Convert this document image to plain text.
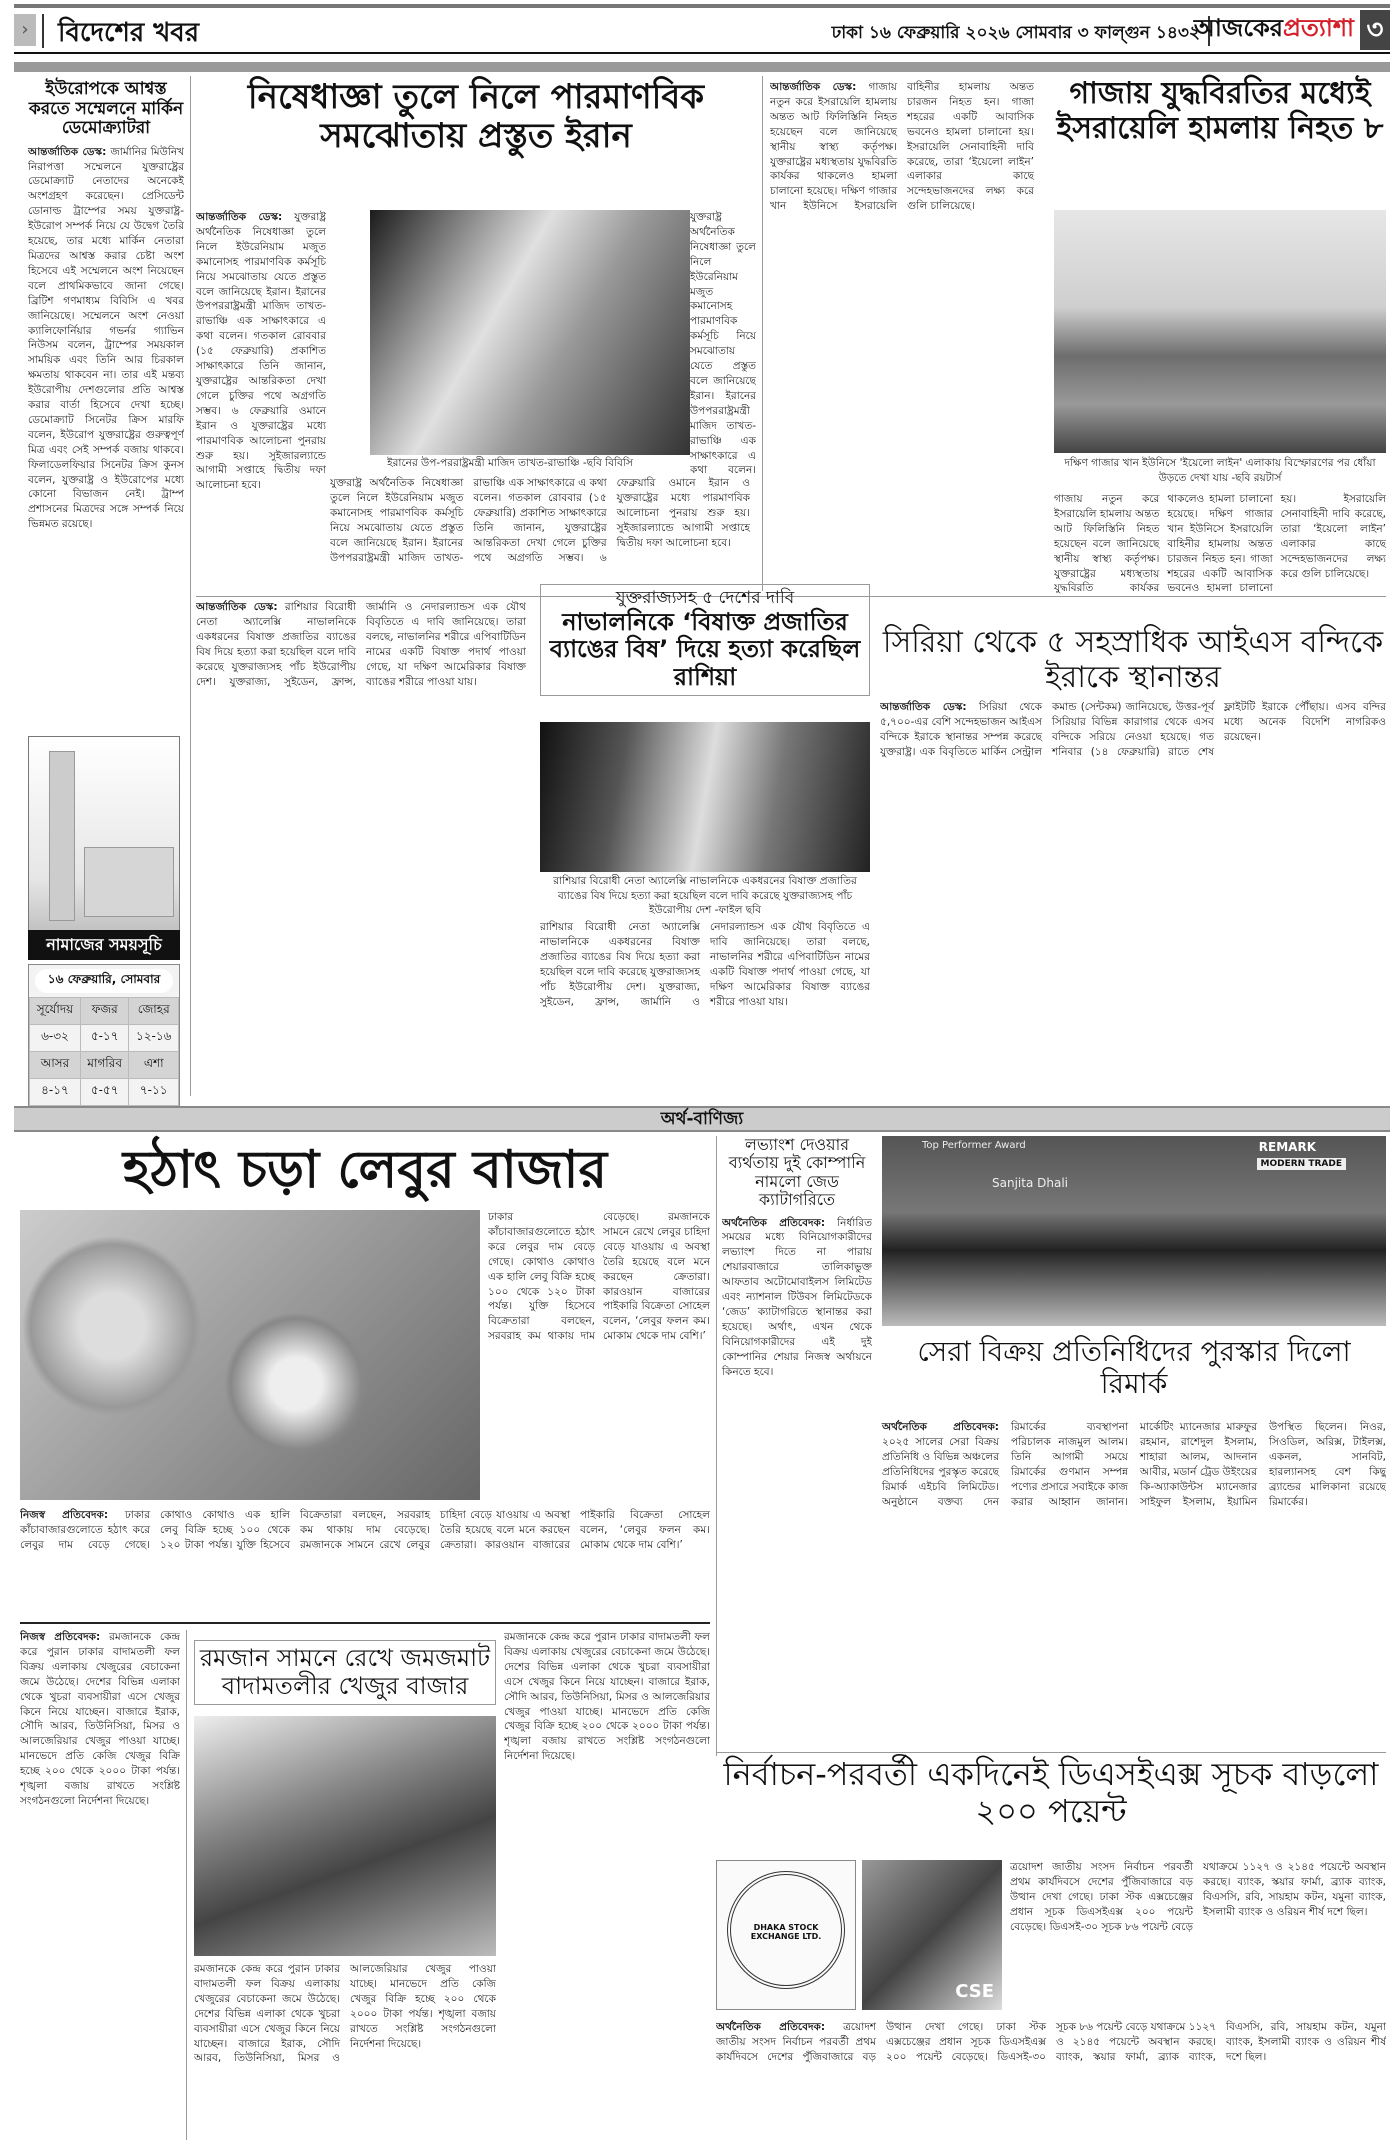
› বিদেশের খবর	ঢাকা ১৬ ফেব্রুয়ারি ২০২৬ সোমবার ৩ ফাল্গুন ১৪৩২
আজকেরপ্রত্যাশা ৩
ইউরোপকে আশ্বস্ত করতে সম্মেলনে মার্কিন ডেমোক্র্যাটরা
আন্তর্জাতিক ডেস্ক: জার্মানির মিউনিখ নিরাপত্তা সম্মেলনে যুক্তরাষ্ট্রের ডেমোক্র্যাট নেতাদের অনেকেই অংশগ্রহণ করেছেন। প্রেসিডেন্ট ডোনাল্ড ট্রাম্পের সময় যুক্তরাষ্ট্র-ইউরোপ সম্পর্ক নিয়ে যে উদ্বেগ তৈরি হয়েছে, তার মধ্যে মার্কিন নেতারা মিত্রদের আশ্বস্ত করার চেষ্টা অংশ হিসেবে এই সম্মেলনে অংশ নিয়েছেন বলে প্রাথমিকভাবে জানা গেছে। ব্রিটিশ গণমাধ্যম বিবিসি এ খবর জানিয়েছে। সম্মেলনে অংশ নেওয়া ক্যালিফোর্নিয়ার গভর্নর গ্যাভিন নিউসম বলেন, ট্রাম্পের সময়কাল সাময়িক এবং তিনি আর চিরকাল ক্ষমতায় থাকবেন না। তার এই মন্তব্য ইউরোপীয় দেশগুলোর প্রতি আশ্বস্ত করার বার্তা হিসেবে দেখা হচ্ছে। ডেমোক্র্যাট সিনেটর ক্রিস মারফি বলেন, ইউরোপ যুক্তরাষ্ট্রের গুরুত্বপূর্ণ মিত্র এবং সেই সম্পর্ক বজায় থাকবে। ফিলাডেলফিয়ার সিনেটর ক্রিস কুনস বলেন, যুক্তরাষ্ট্র ও ইউরোপের মধ্যে কোনো বিভাজন নেই। ট্রাম্প প্রশাসনের মিত্রদের সঙ্গে সম্পর্ক নিয়ে ভিন্নমত রয়েছে।
নামাজের সময়সূচি
১৬ ফেব্রুয়ারি, সোমবার
সূর্যোদয়	ফজর	জোহর
৬-৩২	৫-১৭	১২-১৬
আসর	মাগরিব	এশা
৪-১৭	৫-৫৭	৭-১১
নিষেধাজ্ঞা তুলে নিলে পারমাণবিক সমঝোতায় প্রস্তুত ইরান
আন্তর্জাতিক ডেস্ক: যুক্তরাষ্ট্র অর্থনৈতিক নিষেধাজ্ঞা তুলে নিলে ইউরেনিয়াম মজুত কমানোসহ পারমাণবিক কর্মসূচি নিয়ে সমঝোতায় যেতে প্রস্তুত বলে জানিয়েছে ইরান। ইরানের উপপররাষ্ট্রমন্ত্রী মাজিদ তাখত-রাভাঞ্চি এক সাক্ষাৎকারে এ কথা বলেন। গতকাল রোববার (১৫ ফেব্রুয়ারি) প্রকাশিত সাক্ষাৎকারে তিনি জানান, যুক্তরাষ্ট্রের আন্তরিকতা দেখা গেলে চুক্তির পথে অগ্রগতি সম্ভব। ৬ ফেব্রুয়ারি ওমানে ইরান ও যুক্তরাষ্ট্রের মধ্যে পারমাণবিক আলোচনা পুনরায় শুরু হয়। সুইজারল্যান্ডে আগামী সপ্তাহে দ্বিতীয় দফা আলোচনা হবে।
ইরানের উপ-পররাষ্ট্রমন্ত্রী মাজিদ তাখত-রাভাঞ্চি -ছবি বিবিসি
যুক্তরাষ্ট্র অর্থনৈতিক নিষেধাজ্ঞা তুলে নিলে ইউরেনিয়াম মজুত কমানোসহ পারমাণবিক কর্মসূচি নিয়ে সমঝোতায় যেতে প্রস্তুত বলে জানিয়েছে ইরান। ইরানের উপপররাষ্ট্রমন্ত্রী মাজিদ তাখত-রাভাঞ্চি এক সাক্ষাৎকারে এ কথা বলেন। গতকাল রোববার (১৫ ফেব্রুয়ারি) প্রকাশিত সাক্ষাৎকারে তিনি জানান, যুক্তরাষ্ট্রের আন্তরিকতা দেখা গেলে চুক্তির পথে অগ্রগতি সম্ভব। ৬ ফেব্রুয়ারি ওমানে ইরান ও যুক্তরাষ্ট্রের মধ্যে পারমাণবিক আলোচনা পুনরায় শুরু হয়। সুইজারল্যান্ডে আগামী সপ্তাহে দ্বিতীয় দফা আলোচনা হবে।
যুক্তরাষ্ট্র অর্থনৈতিক নিষেধাজ্ঞা তুলে নিলে ইউরেনিয়াম মজুত কমানোসহ পারমাণবিক কর্মসূচি নিয়ে সমঝোতায় যেতে প্রস্তুত বলে জানিয়েছে ইরান। ইরানের উপপররাষ্ট্রমন্ত্রী মাজিদ তাখত-রাভাঞ্চি এক সাক্ষাৎকারে এ কথা বলেন।
আন্তর্জাতিক ডেস্ক: গাজায় নতুন করে ইসরায়েলি হামলায় অন্তত আট ফিলিস্তিনি নিহত হয়েছেন বলে জানিয়েছে স্থানীয় স্বাস্থ্য কর্তৃপক্ষ। যুক্তরাষ্ট্রের মধ্যস্থতায় যুদ্ধবিরতি কার্যকর থাকলেও হামলা চালানো হয়েছে। দক্ষিণ গাজার খান ইউনিসে ইসরায়েলি বাহিনীর হামলায় অন্তত চারজন নিহত হন। গাজা শহরের একটি আবাসিক ভবনেও হামলা চালানো হয়। ইসরায়েলি সেনাবাহিনী দাবি করেছে, তারা ‘ইয়েলো লাইন’ এলাকার কাছে সন্দেহভাজনদের লক্ষ্য করে গুলি চালিয়েছে।
গাজায় যুদ্ধবিরতির মধ্যেই ইসরায়েলি হামলায় নিহত ৮
দক্ষিণ গাজার খান ইউনিসে 'ইয়েলো লাইন' এলাকায় বিস্ফোরণের পর ধোঁয়া উড়তে দেখা যায় -ছবি রয়টার্স
গাজায় নতুন করে ইসরায়েলি হামলায় অন্তত আট ফিলিস্তিনি নিহত হয়েছেন বলে জানিয়েছে স্থানীয় স্বাস্থ্য কর্তৃপক্ষ। যুক্তরাষ্ট্রের মধ্যস্থতায় যুদ্ধবিরতি কার্যকর থাকলেও হামলা চালানো হয়েছে। দক্ষিণ গাজার খান ইউনিসে ইসরায়েলি বাহিনীর হামলায় অন্তত চারজন নিহত হন। গাজা শহরের একটি আবাসিক ভবনেও হামলা চালানো হয়। ইসরায়েলি সেনাবাহিনী দাবি করেছে, তারা ‘ইয়েলো লাইন’ এলাকার কাছে সন্দেহভাজনদের লক্ষ্য করে গুলি চালিয়েছে।
আন্তর্জাতিক ডেস্ক: রাশিয়ার বিরোধী নেতা অ্যালেক্সি নাভালনিকে একধরনের বিষাক্ত প্রজাতির ব্যাঙের বিষ দিয়ে হত্যা করা হয়েছিল বলে দাবি করেছে যুক্তরাজ্যসহ পাঁচ ইউরোপীয় দেশ। যুক্তরাজ্য, সুইডেন, ফ্রান্স, জার্মানি ও নেদারল্যান্ডস এক যৌথ বিবৃতিতে এ দাবি জানিয়েছে। তারা বলছে, নাভালনির শরীরে এপিবাটিডিন নামের একটি বিষাক্ত পদার্থ পাওয়া গেছে, যা দক্ষিণ আমেরিকার বিষাক্ত ব্যাঙের শরীরে পাওয়া যায়।
যুক্তরাজ্যসহ ৫ দেশের দাবি
নাভালনিকে ‘বিষাক্ত প্রজাতির ব্যাঙের বিষ’ দিয়ে হত্যা করেছিল রাশিয়া
রাশিয়ার বিরোধী নেতা অ্যালেক্সি নাভালনিকে একধরনের বিষাক্ত প্রজাতির ব্যাঙের বিষ দিয়ে হত্যা করা হয়েছিল বলে দাবি করেছে যুক্তরাজ্যসহ পাঁচ ইউরোপীয় দেশ -ফাইল ছবি
রাশিয়ার বিরোধী নেতা অ্যালেক্সি নাভালনিকে একধরনের বিষাক্ত প্রজাতির ব্যাঙের বিষ দিয়ে হত্যা করা হয়েছিল বলে দাবি করেছে যুক্তরাজ্যসহ পাঁচ ইউরোপীয় দেশ। যুক্তরাজ্য, সুইডেন, ফ্রান্স, জার্মানি ও নেদারল্যান্ডস এক যৌথ বিবৃতিতে এ দাবি জানিয়েছে। তারা বলছে, নাভালনির শরীরে এপিবাটিডিন নামের একটি বিষাক্ত পদার্থ পাওয়া গেছে, যা দক্ষিণ আমেরিকার বিষাক্ত ব্যাঙের শরীরে পাওয়া যায়।
সিরিয়া থেকে ৫ সহস্রাধিক আইএস বন্দিকে ইরাকে স্থানান্তর
আন্তর্জাতিক ডেস্ক: সিরিয়া থেকে ৫,৭০০-এর বেশি সন্দেহভাজন আইএস বন্দিকে ইরাকে স্থানান্তর সম্পন্ন করেছে যুক্তরাষ্ট্র। এক বিবৃতিতে মার্কিন সেন্ট্রাল কমান্ড (সেন্টকম) জানিয়েছে, উত্তর-পূর্ব সিরিয়ার বিভিন্ন কারাগার থেকে এসব বন্দিকে সরিয়ে নেওয়া হয়েছে। গত শনিবার (১৪ ফেব্রুয়ারি) রাতে শেষ ফ্লাইটটি ইরাকে পৌঁছায়। এসব বন্দির মধ্যে অনেক বিদেশি নাগরিকও রয়েছেন।
অর্থ-বাণিজ্য
হঠাৎ চড়া লেবুর বাজার
ঢাকার কাঁচাবাজারগুলোতে হঠাৎ করে লেবুর দাম বেড়ে গেছে। কোথাও কোথাও এক হালি লেবু বিক্রি হচ্ছে ১০০ থেকে ১২০ টাকা পর্যন্ত। যুক্তি হিসেবে বিক্রেতারা বলছেন, সরবরাহ কম থাকায় দাম বেড়েছে। রমজানকে সামনে রেখে লেবুর চাহিদা বেড়ে যাওয়ায় এ অবস্থা তৈরি হয়েছে বলে মনে করছেন ক্রেতারা। কারওয়ান বাজারের পাইকারি বিক্রেতা সোহেল বলেন, ‘লেবুর ফলন কম। মোকাম থেকে দাম বেশি।’
নিজস্ব প্রতিবেদক: ঢাকার কাঁচাবাজারগুলোতে হঠাৎ করে লেবুর দাম বেড়ে গেছে। কোথাও কোথাও এক হালি লেবু বিক্রি হচ্ছে ১০০ থেকে ১২০ টাকা পর্যন্ত। যুক্তি হিসেবে বিক্রেতারা বলছেন, সরবরাহ কম থাকায় দাম বেড়েছে। রমজানকে সামনে রেখে লেবুর চাহিদা বেড়ে যাওয়ায় এ অবস্থা তৈরি হয়েছে বলে মনে করছেন ক্রেতারা। কারওয়ান বাজারের পাইকারি বিক্রেতা সোহেল বলেন, ‘লেবুর ফলন কম। মোকাম থেকে দাম বেশি।’
লভ্যাংশ দেওয়ার ব্যর্থতায় দুই কোম্পানি নামলো জেড ক্যাটাগরিতে
অর্থনৈতিক প্রতিবেদক: নির্ধারিত সময়ের মধ্যে বিনিয়োগকারীদের লভ্যাংশ দিতে না পারায় শেয়ারবাজারে তালিকাভুক্ত আফতাব অটোমোবাইলস লিমিটেড এবং ন্যাশনাল টিউবস লিমিটেডকে ‘জেড’ ক্যাটাগরিতে স্থানান্তর করা হয়েছে। অর্থাৎ, এখন থেকে বিনিয়োগকারীদের এই দুই কোম্পানির শেয়ার নিজস্ব অর্থায়নে কিনতে হবে।
Top Performer Award
Sanjita Dhali
REMARK
MODERN TRADE
সেরা বিক্রয় প্রতিনিধিদের পুরস্কার দিলো রিমার্ক
অর্থনৈতিক প্রতিবেদক: ২০২৫ সালের সেরা বিক্রয় প্রতিনিধি ও বিভিন্ন অঞ্চলের প্রতিনিধিদের পুরস্কৃত করেছে রিমার্ক এইচবি লিমিটেড। অনুষ্ঠানে বক্তব্য দেন রিমার্কের ব্যবস্থাপনা পরিচালক নাজমুল আলম। তিনি আগামী সময়ে রিমার্কের গুণমান সম্পন্ন পণ্যের প্রসারে সবাইকে কাজ করার আহ্বান জানান। মার্কেটিং ম্যানেজার মারুফুর রহমান, রাশেদুল ইসলাম, শাহারা আলম, আদনান আবীর, মডার্ন ট্রেড উইংয়ের কি-অ্যাকাউন্টস ম্যানেজার সাইফুল ইসলাম, ইয়ামিন উপস্থিত ছিলেন। নিওর, সিওডিল, অরিক্স, টাইলক্স, একনল, সানবিট, হারল্যানসহ বেশ কিছু ব্র্যান্ডের মালিকানা রয়েছে রিমার্কের।
নিজস্ব প্রতিবেদক: রমজানকে কেন্দ্র করে পুরান ঢাকার বাদামতলী ফল বিক্রয় এলাকায় খেজুরের বেচাকেনা জমে উঠেছে। দেশের বিভিন্ন এলাকা থেকে খুচরা ব্যবসায়ীরা এসে খেজুর কিনে নিয়ে যাচ্ছেন। বাজারে ইরাক, সৌদি আরব, তিউনিসিয়া, মিসর ও আলজেরিয়ার খেজুর পাওয়া যাচ্ছে। মানভেদে প্রতি কেজি খেজুর বিক্রি হচ্ছে ২০০ থেকে ২০০০ টাকা পর্যন্ত। শৃঙ্খলা বজায় রাখতে সংশ্লিষ্ট সংগঠনগুলো নির্দেশনা দিয়েছে।
রমজান সামনে রেখে জমজমাট বাদামতলীর খেজুর বাজার
রমজানকে কেন্দ্র করে পুরান ঢাকার বাদামতলী ফল বিক্রয় এলাকায় খেজুরের বেচাকেনা জমে উঠেছে। দেশের বিভিন্ন এলাকা থেকে খুচরা ব্যবসায়ীরা এসে খেজুর কিনে নিয়ে যাচ্ছেন। বাজারে ইরাক, সৌদি আরব, তিউনিসিয়া, মিসর ও আলজেরিয়ার খেজুর পাওয়া যাচ্ছে। মানভেদে প্রতি কেজি খেজুর বিক্রি হচ্ছে ২০০ থেকে ২০০০ টাকা পর্যন্ত। শৃঙ্খলা বজায় রাখতে সংশ্লিষ্ট সংগঠনগুলো নির্দেশনা দিয়েছে।
রমজানকে কেন্দ্র করে পুরান ঢাকার বাদামতলী ফল বিক্রয় এলাকায় খেজুরের বেচাকেনা জমে উঠেছে। দেশের বিভিন্ন এলাকা থেকে খুচরা ব্যবসায়ীরা এসে খেজুর কিনে নিয়ে যাচ্ছেন। বাজারে ইরাক, সৌদি আরব, তিউনিসিয়া, মিসর ও আলজেরিয়ার খেজুর পাওয়া যাচ্ছে। মানভেদে প্রতি কেজি খেজুর বিক্রি হচ্ছে ২০০ থেকে ২০০০ টাকা পর্যন্ত। শৃঙ্খলা বজায় রাখতে সংশ্লিষ্ট সংগঠনগুলো নির্দেশনা দিয়েছে।	নির্বাচন-পরবর্তী একদিনেই ডিএসইএক্স সূচক বাড়লো ২০০ পয়েন্ট
DHAKA STOCK EXCHANGE LTD.
CSE
ত্রয়োদশ জাতীয় সংসদ নির্বাচন পরবর্তী প্রথম কার্যদিবসে দেশের পুঁজিবাজারে বড় উত্থান দেখা গেছে। ঢাকা স্টক এক্সচেঞ্জের প্রধান সূচক ডিএসইএক্স ২০০ পয়েন্ট বেড়েছে। ডিএসই-৩০ সূচক ৮৬ পয়েন্ট বেড়ে যথাক্রমে ১১২৭ ও ২১৪৫ পয়েন্টে অবস্থান করছে। ব্যাংক, স্কয়ার ফার্মা, ব্র্যাক ব্যাংক, বিএসসি, রবি, সায়হাম কটন, যমুনা ব্যাংক, ইসলামী ব্যাংক ও ওরিয়ন শীর্ষ দশে ছিল।
অর্থনৈতিক প্রতিবেদক: ত্রয়োদশ জাতীয় সংসদ নির্বাচন পরবর্তী প্রথম কার্যদিবসে দেশের পুঁজিবাজারে বড় উত্থান দেখা গেছে। ঢাকা স্টক এক্সচেঞ্জের প্রধান সূচক ডিএসইএক্স ২০০ পয়েন্ট বেড়েছে। ডিএসই-৩০ সূচক ৮৬ পয়েন্ট বেড়ে যথাক্রমে ১১২৭ ও ২১৪৫ পয়েন্টে অবস্থান করছে। ব্যাংক, স্কয়ার ফার্মা, ব্র্যাক ব্যাংক, বিএসসি, রবি, সায়হাম কটন, যমুনা ব্যাংক, ইসলামী ব্যাংক ও ওরিয়ন শীর্ষ দশে ছিল।
